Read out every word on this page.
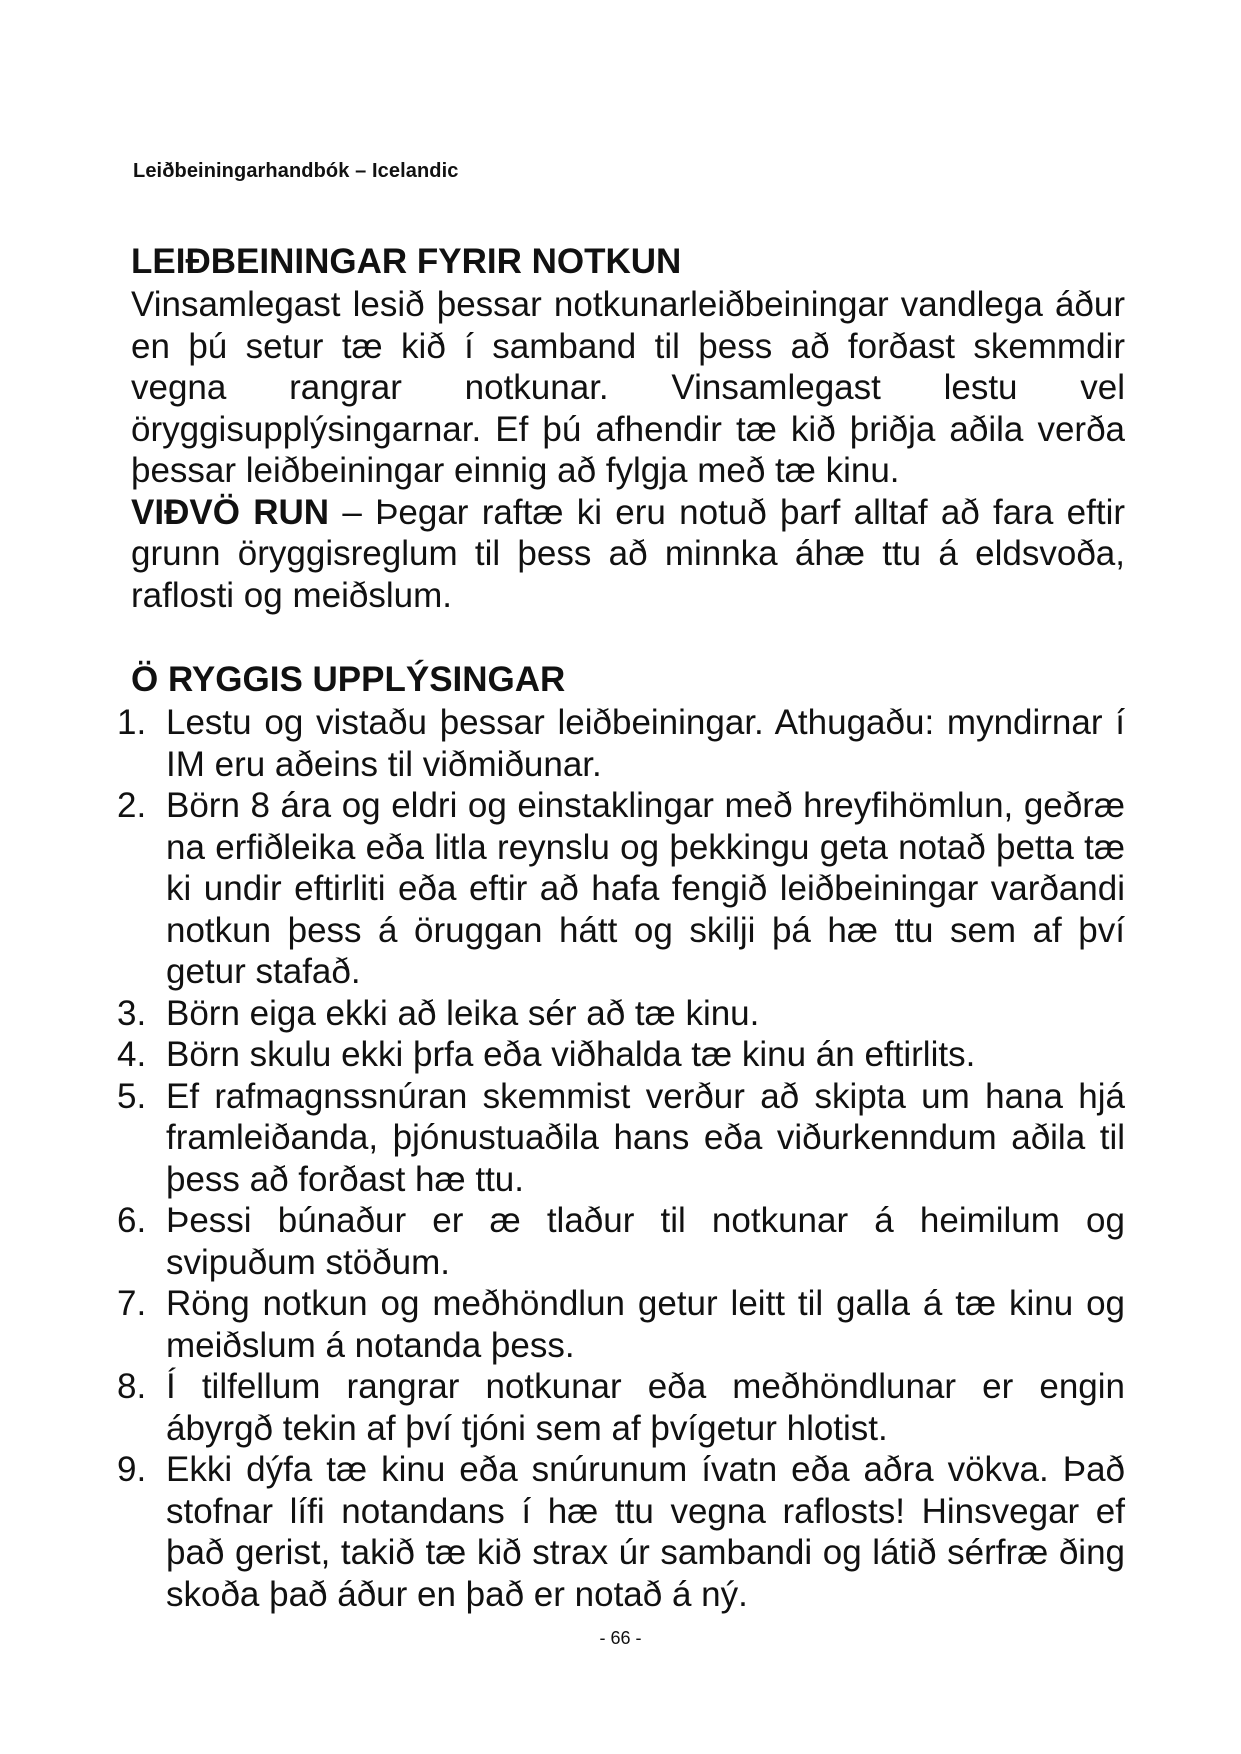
Leiðbeiningarhandbók – Icelandic
LEIÐBEININGAR FYRIR NOTKUN

Vinsamlegast lesið þessar notkunarleiðbeiningar vandlega áður en þú setur tæ kið í samband til þess að forðast skemmdir vegna rangrar notkunar. Vinsamlegast lestu vel öryggisupplýsingarnar. Ef þú afhendir tæ kið þriðja aðila verða þessar leiðbeiningar einnig að fylgja með tæ kinu.

VIÐVÖ RUN – Þegar raftæ ki eru notuð þarf alltaf að fara eftir grunn öryggisreglum til þess að minnka áhæ ttu á eldsvoða, raflosti og meiðslum.

Ö RYGGIS UPPLÝSINGAR
1. Lestu og vistaðu þessar leiðbeiningar. Athugaðu: myndirnar í IM eru aðeins til viðmiðunar.
2. Börn 8 ára og eldri og einstaklingar með hreyfihömlun, geðræ na erfiðleika eða litla reynslu og þekkingu geta notað þetta tæ ki undir eftirliti eða eftir að hafa fengið leiðbeiningar varðandi notkun þess á öruggan hátt og skilji þá hæ ttu sem af því getur stafað.
3. Börn eiga ekki að leika sér að tæ kinu.
4. Börn skulu ekki þrfa eða viðhalda tæ kinu án eftirlits.
5. Ef rafmagnssnúran skemmist verður að skipta um hana hjá framleiðanda, þjónustuaðila hans eða viðurkenndum aðila til þess að forðast hæ ttu.
6. Þessi búnaður er æ tlaður til notkunar á heimilum og svipuðum stöðum.
7. Röng notkun og meðhöndlun getur leitt til galla á tæ kinu og meiðslum á notanda þess.
8. Í tilfellum rangrar notkunar eða meðhöndlunar er engin ábyrgð tekin af því tjóni sem af þvígetur hlotist.
9. Ekki dýfa tæ kinu eða snúrunum ívatn eða aðra vökva. Það stofnar lífi notandans í hæ ttu vegna raflosts! Hinsvegar ef það gerist, takið tæ kið strax úr sambandi og látið sérfræ ðing skoða það áður en það er notað á ný.
- 66 -
